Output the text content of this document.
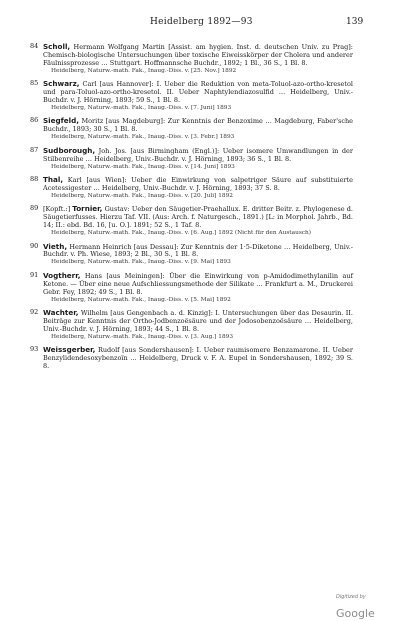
Heidelberg 1892—93	139
84 Scholl, Hermann Wolfgang Martin [Assist. am hygien. Inst. d. deutschen Univ. zu Prag]: Chemisch-biologische Untersuchungen über toxische Eiweisskörper der Cholera und anderer Fäulnissprozesse … Stuttgart. Hoffmannsche Buchdr., 1892; 1 Bl., 36 S., 1 Bl. 8.
Heidelberg, Naturw.-math. Fak., Inaug.-Diss. v. [25. Nov.] 1892
85 Schwarz, Carl [aus Hannover]: I. Ueber die Reduktion von meta-Toluol-azo-ortho-kresetol und para-Toluol-azo-ortho-kresetol. II. Ueber Naphtylendiazosulfid … Heidelberg, Univ.-Buchdr. v. J. Hörning, 1893; 59 S., 1 Bl. 8.
Heidelberg, Naturw.-math. Fak., Inaug.-Diss. v. [7. Juni] 1893
86 Siegfeld, Moritz [aus Magdeburg]: Zur Kenntnis der Benzoxime … Magdeburg, Faber'sche Buchdr., 1893; 30 S., 1 Bl. 8.
Heidelberg, Naturw.-math. Fak., Inaug.-Diss. v. [3. Febr.] 1893
87 Sudborough, Joh. Jos. [aus Birmingham (Engl.)]: Ueber isomere Umwandlungen in der Stilbenreihe … Heidelberg, Univ.-Buchdr. v. J. Hörning, 1893; 36 S., 1 Bl. 8.
Heidelberg, Naturw.-math. Fak., Inaug.-Diss. v. [14. Juni] 1893
88 Thal, Karl [aus Wien]: Ueber die Einwirkung von salpetriger Säure auf substituierte Acetessigester … Heidelberg, Univ.-Buchdr. v. J. Hörning, 1893; 37 S. 8.
Heidelberg, Naturw.-math. Fak., Inaug.-Diss. v. [20. Juli] 1892
89 [Kopft.:] Tornier, Gustav: Ueber den Säugetier-Praehallux. E. dritter Beitr. z. Phylogenese d. Säugetierfusses. Hierzu Taf. VII. (Aus: Arch. f. Naturgesch., 1891.) [L: in Morphol. Jahrb., Bd. 14; II.: ebd. Bd. 16, [u. O.]. 1891; 52 S., 1 Taf. 8.
Heidelberg, Naturw.-math. Fak., Inaug.-Diss. v. [6. Aug.] 1892 (Nicht für den Austausch)
90 Vieth, Hermann Heinrich [aus Dessau]: Zur Kenntnis der 1·5-Diketone … Heidelberg, Univ.-Buchdr. v. Ph. Wiese, 1893; 2 Bl., 30 S., 1 Bl. 8.
Heidelberg, Naturw.-math. Fak., Inaug.-Diss. v. [9. Mai] 1893
91 Vogtherr, Hans [aus Meiningen]: Über die Einwirkung von p-Amidodimethylanilin auf Ketone. — Über eine neue Aufschliessungsmethode der Silikate … Frankfurt a. M., Druckerei Gebr. Fey, 1892; 49 S., 1 Bl. 8.
Heidelberg, Naturw.-math. Fak., Inaug.-Diss. v. [5. Mai] 1892
92 Wachter, Wilhelm [aus Gengenbach a. d. Kinzig]: I. Untersuchungen über das Desaurin. II. Beiträge zur Kenntnis der Ortho-Jodbenzoësäure und der Jodosobenzoësäure … Heidelberg, Univ.-Buchdr. v. J. Hörning, 1893; 44 S., 1 Bl. 8.
Heidelberg, Naturw.-math. Fak., Inaug.-Diss. v. [3. Aug.] 1893
93 Weissgerber, Rudolf [aus Sondershausen]: I. Ueber raumisomere Benzamarone. II. Ueber Benzylidendesoxybenzoïn … Heidelberg, Druck v. F. A. Eupel in Sondershausen, 1892; 39 S. 8.
Digitized by Google
